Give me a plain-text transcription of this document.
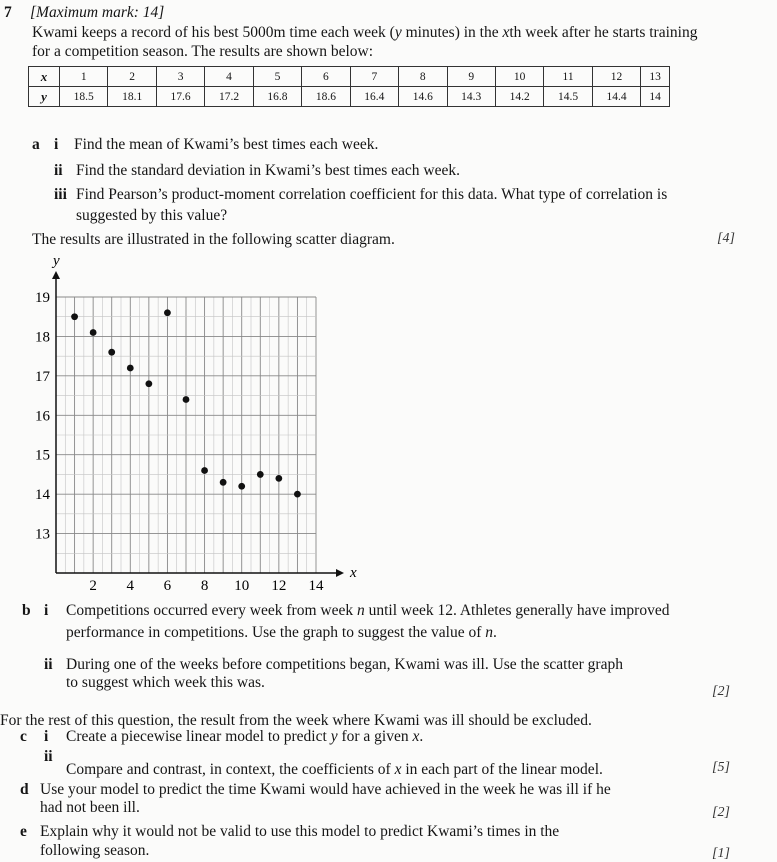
7 [Maximum mark: 14]
Kwami keeps a record of his best 5000m time each week (y minutes) in the xth week after he starts training
for a competition season. The results are shown below:
x	1	2	3	4	5	6	7	8	9	10	11	12	13
y	18.5	18.1	17.6	17.2	16.8	18.6	16.4	14.6	14.3	14.2	14.5	14.4	14
a i Find the mean of Kwami’s best times each week.
ii Find the standard deviation in Kwami’s best times each week.
iii Find Pearson’s product-moment correlation coefficient for this data. What type of correlation is
suggested by this value?
The results are illustrated in the following scatter diagram.	[4]
x
y
2 4 6 8 10 12 14
13
14
15
16
17
18
19
b i Competitions occurred every week from week n until week 12. Athletes generally have improved
performance in competitions. Use the graph to suggest the value of n.
ii During one of the weeks before competitions began, Kwami was ill. Use the scatter graph
to suggest which week this was.
[2]
For the rest of this question, the result from the week where Kwami was ill should be excluded.
c i Create a piecewise linear model to predict y for a given x.
ii
Compare and contrast, in context, the coefficients of x in each part of the linear model.	[5]
d Use your model to predict the time Kwami would have achieved in the week he was ill if he
had not been ill.	[2]
e Explain why it would not be valid to use this model to predict Kwami’s times in the
following season.	[1]
